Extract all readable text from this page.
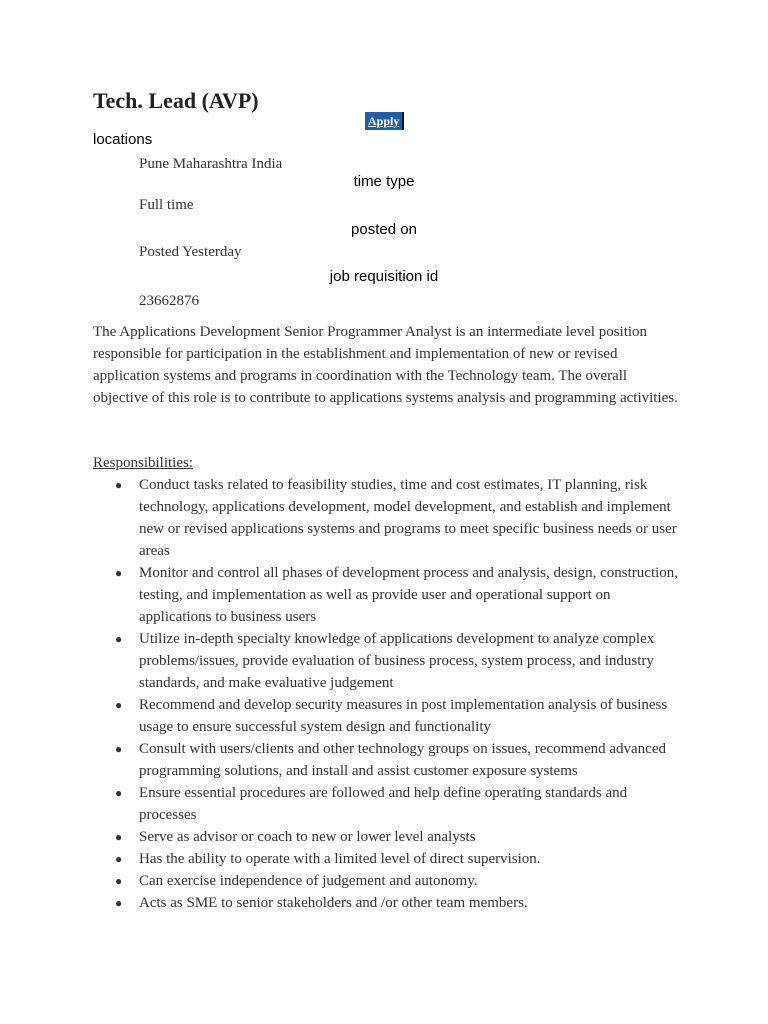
Tech. Lead (AVP)
Apply
locations
Pune Maharashtra India
time type
Full time
posted on
Posted Yesterday
job requisition id
23662876

The Applications Development Senior Programmer Analyst is an intermediate level position responsible for participation in the establishment and implementation of new or revised application systems and programs in coordination with the Technology team. The overall objective of this role is to contribute to applications systems analysis and programming activities.

Responsibilities:
● Conduct tasks related to feasibility studies, time and cost estimates, IT planning, risk technology, applications development, model development, and establish and implement new or revised applications systems and programs to meet specific business needs or user areas
● Monitor and control all phases of development process and analysis, design, construction, testing, and implementation as well as provide user and operational support on applications to business users
● Utilize in-depth specialty knowledge of applications development to analyze complex problems/issues, provide evaluation of business process, system process, and industry standards, and make evaluative judgement
● Recommend and develop security measures in post implementation analysis of business usage to ensure successful system design and functionality
● Consult with users/clients and other technology groups on issues, recommend advanced programming solutions, and install and assist customer exposure systems
● Ensure essential procedures are followed and help define operating standards and processes
● Serve as advisor or coach to new or lower level analysts
● Has the ability to operate with a limited level of direct supervision.
● Can exercise independence of judgement and autonomy.
● Acts as SME to senior stakeholders and /or other team members.
